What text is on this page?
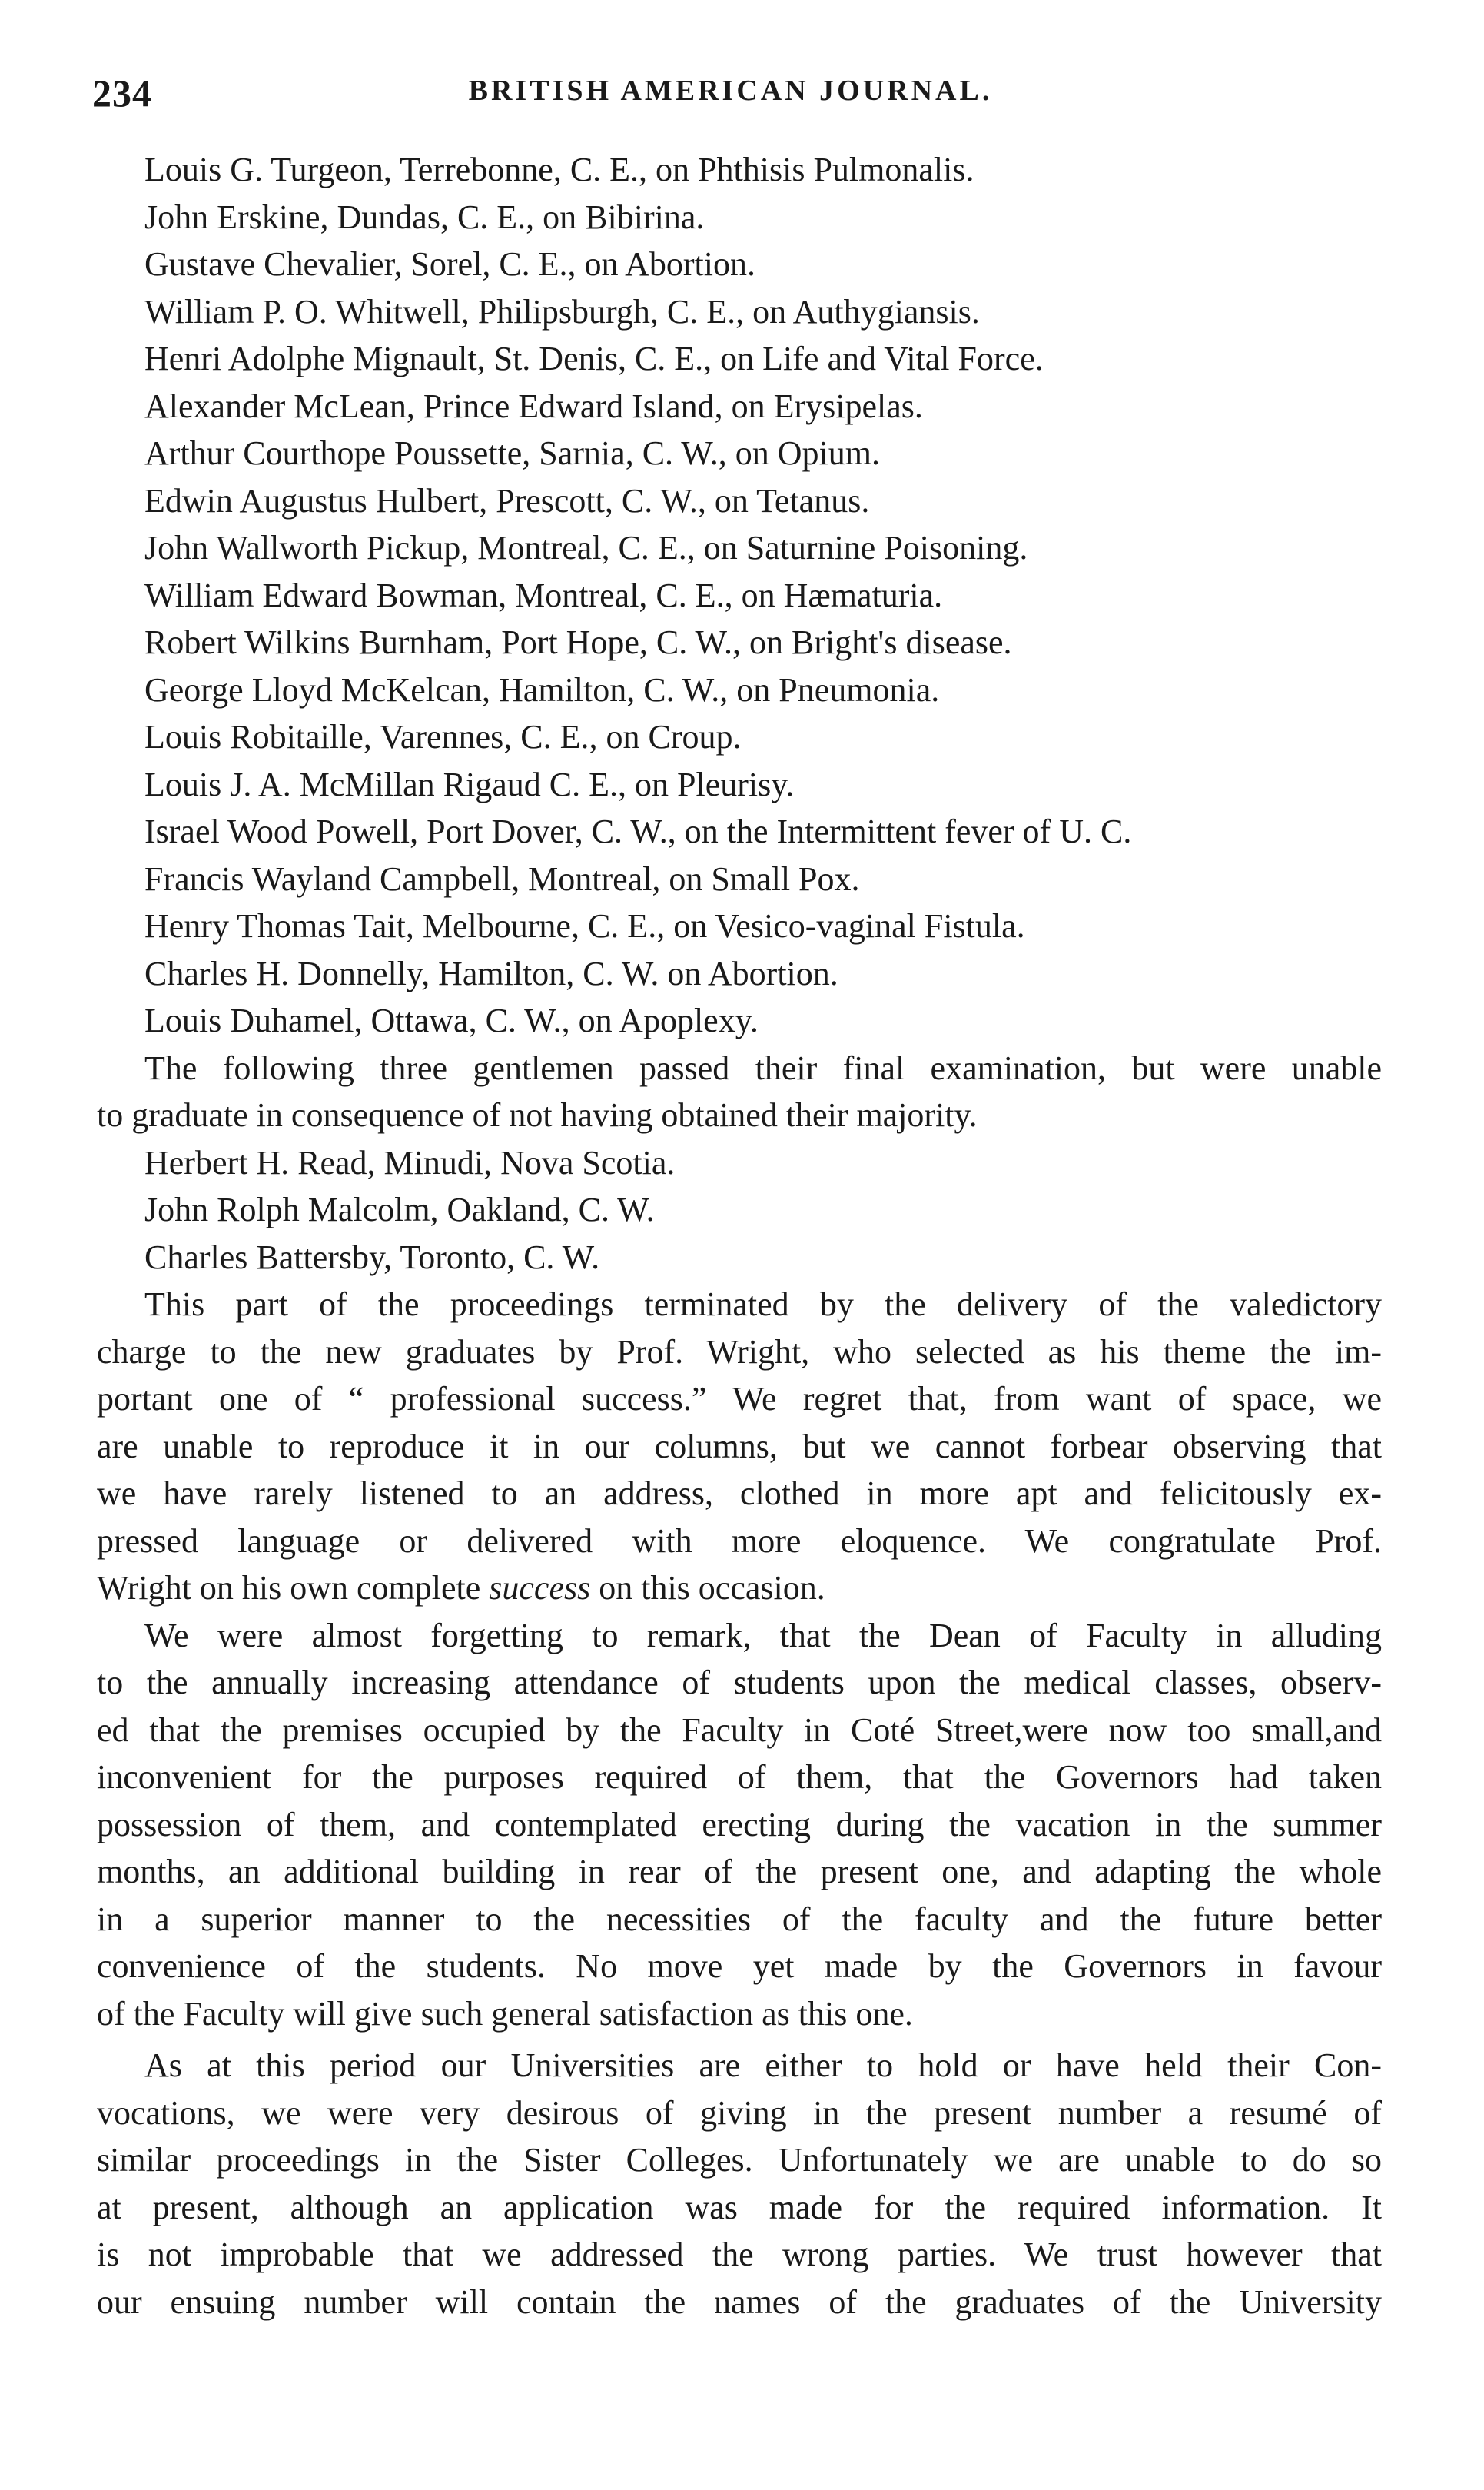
234	BRITISH AMERICAN JOURNAL.
Louis G. Turgeon, Terrebonne, C. E., on Phthisis Pulmonalis.
John Erskine, Dundas, C. E., on Bibirina.
Gustave Chevalier, Sorel, C. E., on Abortion.
William P. O. Whitwell, Philipsburgh, C. E., on Authygiansis.
Henri Adolphe Mignault, St. Denis, C. E., on Life and Vital Force.
Alexander McLean, Prince Edward Island, on Erysipelas.
Arthur Courthope Poussette, Sarnia, C. W., on Opium.
Edwin Augustus Hulbert, Prescott, C. W., on Tetanus.
John Wallworth Pickup, Montreal, C. E., on Saturnine Poisoning.
William Edward Bowman, Montreal, C. E., on Hæmaturia.
Robert Wilkins Burnham, Port Hope, C. W., on Bright's disease.
George Lloyd McKelcan, Hamilton, C. W., on Pneumonia.
Louis Robitaille, Varennes, C. E., on Croup.
Louis J. A. McMillan Rigaud C. E., on Pleurisy.
Israel Wood Powell, Port Dover, C. W., on the Intermittent fever of U. C.
Francis Wayland Campbell, Montreal, on Small Pox.
Henry Thomas Tait, Melbourne, C. E., on Vesico-vaginal Fistula.
Charles H. Donnelly, Hamilton, C. W. on Abortion.
Louis Duhamel, Ottawa, C. W., on Apoplexy.
The following three gentlemen passed their final examination, but were unable
to graduate in consequence of not having obtained their majority.
Herbert H. Read, Minudi, Nova Scotia.
John Rolph Malcolm, Oakland, C. W.
Charles Battersby, Toronto, C. W.
This part of the proceedings terminated by the delivery of the valedictory
charge to the new graduates by Prof. Wright, who selected as his theme the im-
portant one of “ professional success.” We regret that, from want of space, we
are unable to reproduce it in our columns, but we cannot forbear observing that
we have rarely listened to an address, clothed in more apt and felicitously ex-
pressed language or delivered with more eloquence. We congratulate Prof.
Wright on his own complete success on this occasion.
We were almost forgetting to remark, that the Dean of Faculty in alluding
to the annually increasing attendance of students upon the medical classes, observ-
ed that the premises occupied by the Faculty in Coté Street,were now too small,and
inconvenient for the purposes required of them, that the Governors had taken
possession of them, and contemplated erecting during the vacation in the summer
months, an additional building in rear of the present one, and adapting the whole
in a superior manner to the necessities of the faculty and the future better
convenience of the students. No move yet made by the Governors in favour
of the Faculty will give such general satisfaction as this one.
As at this period our Universities are either to hold or have held their Con-
vocations, we were very desirous of giving in the present number a resumé of
similar proceedings in the Sister Colleges. Unfortunately we are unable to do so
at present, although an application was made for the required information. It
is not improbable that we addressed the wrong parties. We trust however that
our ensuing number will contain the names of the graduates of the University
